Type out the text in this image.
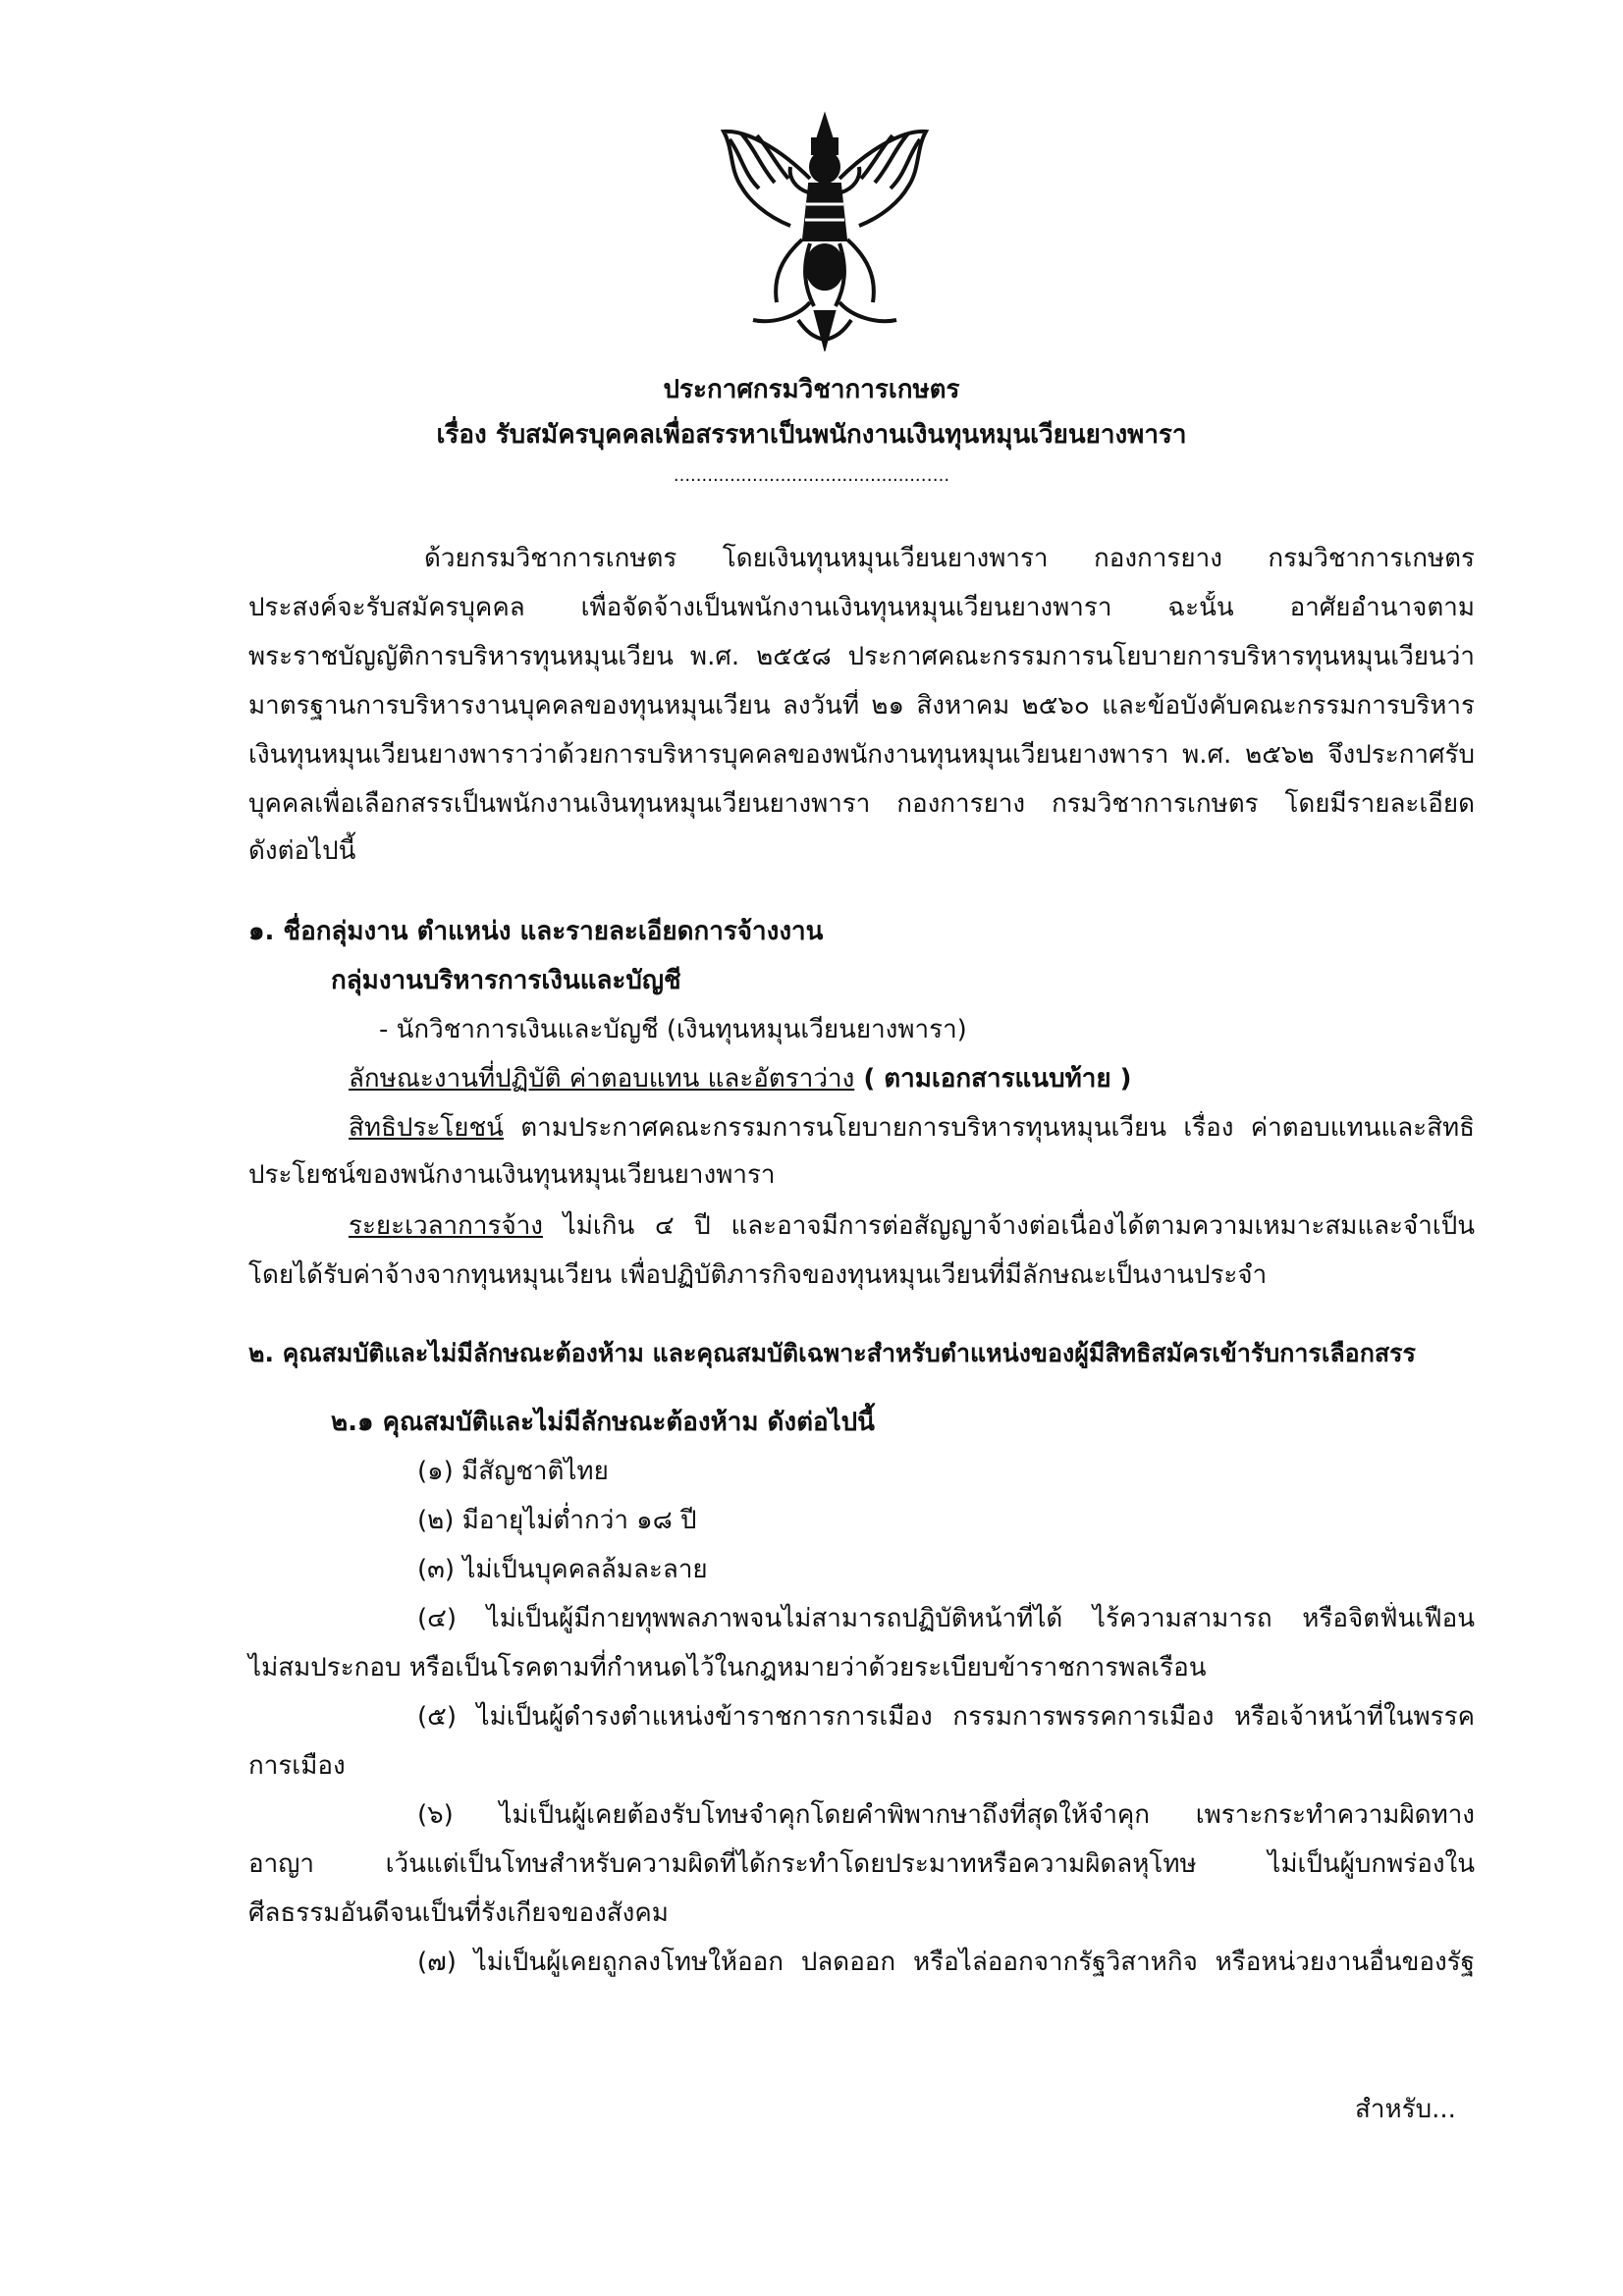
ประกาศกรมวิชาการเกษตร
เรื่อง รับสมัครบุคคลเพื่อสรรหาเป็นพนักงานเงินทุนหมุนเวียนยางพารา
............................................…..
ด้วยกรมวิชาการเกษตร โดยเงินทุนหมุนเวียนยางพารา กองการยาง กรมวิชาการเกษตร
ประสงค์จะรับสมัครบุคคล เพื่อจัดจ้างเป็นพนักงานเงินทุนหมุนเวียนยางพารา ฉะนั้น อาศัยอำนาจตาม
พระราชบัญญัติการบริหารทุนหมุนเวียน พ.ศ. ๒๕๕๘ ประกาศคณะกรรมการนโยบายการบริหารทุนหมุนเวียนว่า
มาตรฐานการบริหารงานบุคคลของทุนหมุนเวียน ลงวันที่ ๒๑ สิงหาคม ๒๕๖๐ และข้อบังคับคณะกรรมการบริหาร
เงินทุนหมุนเวียนยางพาราว่าด้วยการบริหารบุคคลของพนักงานทุนหมุนเวียนยางพารา พ.ศ. ๒๕๖๒ จึงประกาศรับ
บุคคลเพื่อเลือกสรรเป็นพนักงานเงินทุนหมุนเวียนยางพารา กองการยาง กรมวิชาการเกษตร โดยมีรายละเอียด
ดังต่อไปนี้
๑. ชื่อกลุ่มงาน ตำแหน่ง และรายละเอียดการจ้างงาน
กลุ่มงานบริหารการเงินและบัญชี
- นักวิชาการเงินและบัญชี (เงินทุนหมุนเวียนยางพารา)
ลักษณะงานที่ปฏิบัติ ค่าตอบแทน และอัตราว่าง ( ตามเอกสารแนบท้าย )
สิทธิประโยชน์ ตามประกาศคณะกรรมการนโยบายการบริหารทุนหมุนเวียน เรื่อง ค่าตอบแทนและสิทธิ
ประโยชน์ของพนักงานเงินทุนหมุนเวียนยางพารา
ระยะเวลาการจ้าง ไม่เกิน ๔ ปี และอาจมีการต่อสัญญาจ้างต่อเนื่องได้ตามความเหมาะสมและจำเป็น
โดยได้รับค่าจ้างจากทุนหมุนเวียน เพื่อปฏิบัติภารกิจของทุนหมุนเวียนที่มีลักษณะเป็นงานประจำ
๒. คุณสมบัติและไม่มีลักษณะต้องห้าม และคุณสมบัติเฉพาะสำหรับตำแหน่งของผู้มีสิทธิสมัครเข้ารับการเลือกสรร
๒.๑ คุณสมบัติและไม่มีลักษณะต้องห้าม ดังต่อไปนี้
(๑) มีสัญชาติไทย
(๒) มีอายุไม่ต่ำกว่า ๑๘ ปี
(๓) ไม่เป็นบุคคลล้มละลาย
(๔) ไม่เป็นผู้มีกายทุพพลภาพจนไม่สามารถปฏิบัติหน้าที่ได้ ไร้ความสามารถ หรือจิตฟั่นเฟือน
ไม่สมประกอบ หรือเป็นโรคตามที่กำหนดไว้ในกฎหมายว่าด้วยระเบียบข้าราชการพลเรือน
(๕) ไม่เป็นผู้ดำรงตำแหน่งข้าราชการการเมือง กรรมการพรรคการเมือง หรือเจ้าหน้าที่ในพรรค
การเมือง
(๖) ไม่เป็นผู้เคยต้องรับโทษจำคุกโดยคำพิพากษาถึงที่สุดให้จำคุก เพราะกระทำความผิดทาง
อาญา เว้นแต่เป็นโทษสำหรับความผิดที่ได้กระทำโดยประมาทหรือความผิดลหุโทษ ไม่เป็นผู้บกพร่องใน
ศีลธรรมอันดีจนเป็นที่รังเกียจของสังคม
(๗) ไม่เป็นผู้เคยถูกลงโทษให้ออก ปลดออก หรือไล่ออกจากรัฐวิสาหกิจ หรือหน่วยงานอื่นของรัฐ
สำหรับ...
